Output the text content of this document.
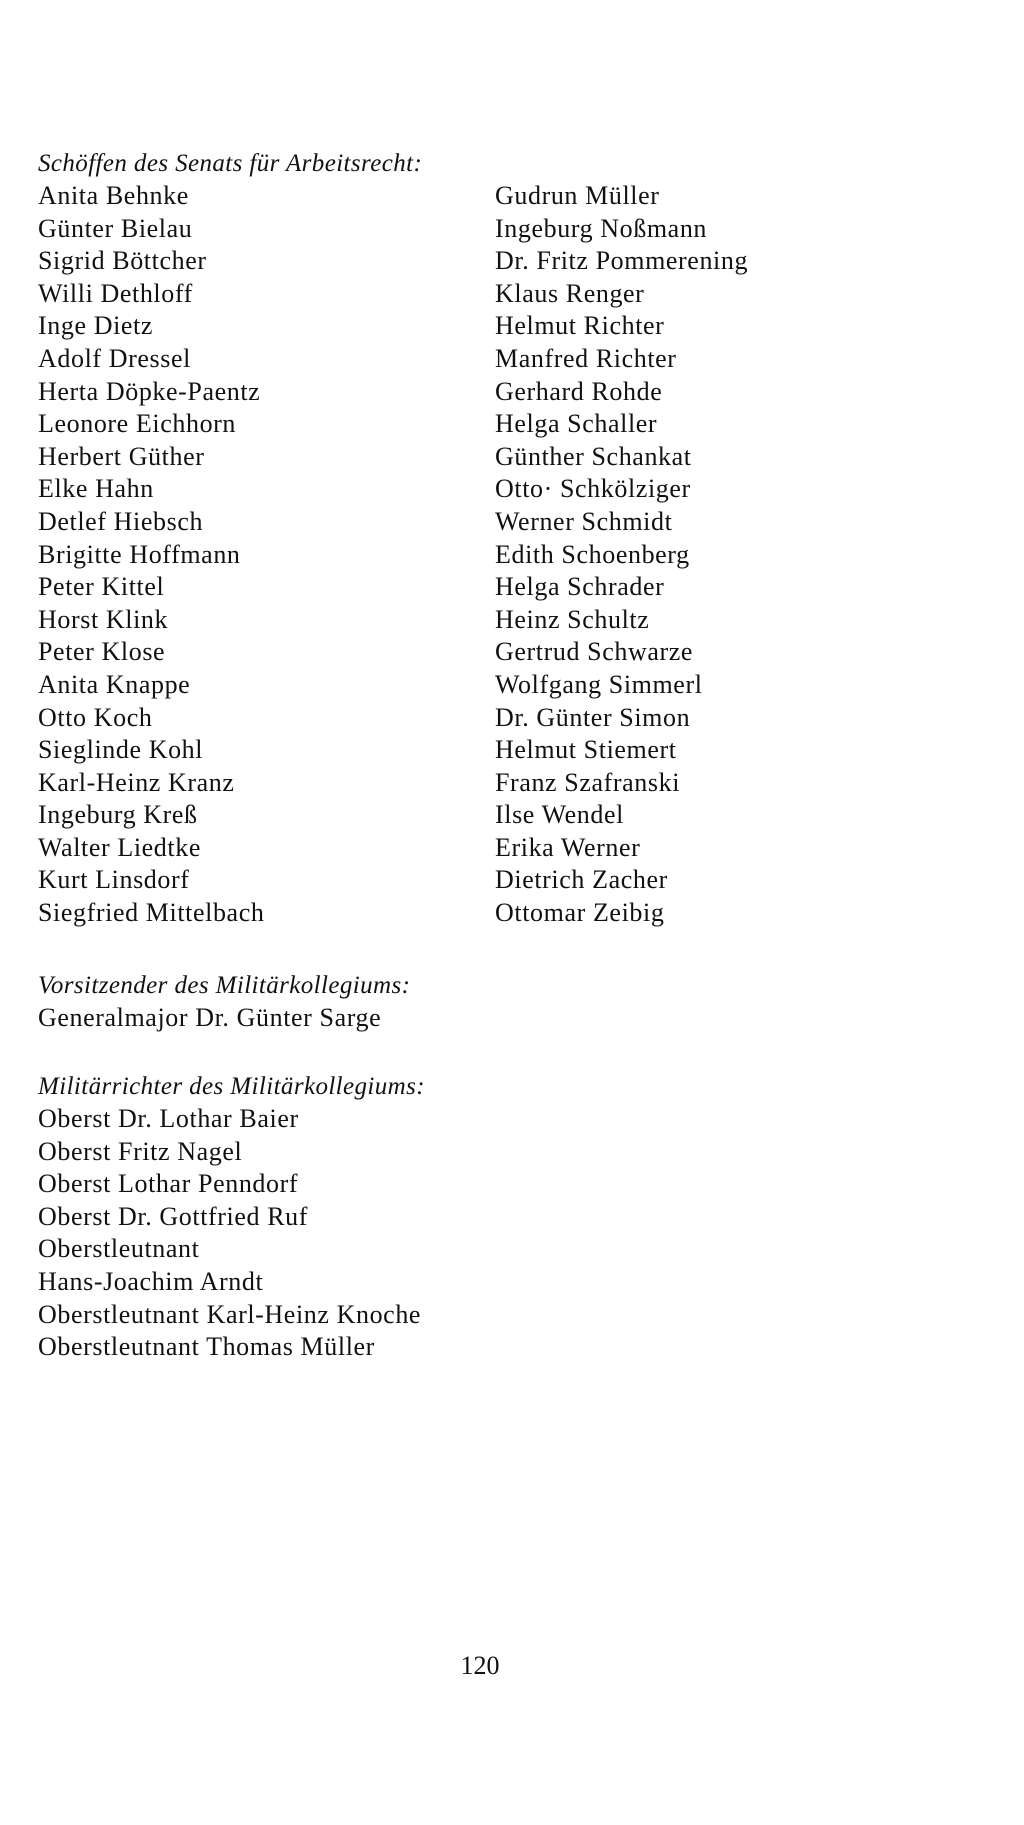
Schöffen des Senats für Arbeitsrecht:
Anita Behnke
Günter Bielau
Sigrid Böttcher
Willi Dethloff
Inge Dietz
Adolf Dressel
Herta Döpke-Paentz
Leonore Eichhorn
Herbert Güther
Elke Hahn
Detlef Hiebsch
Brigitte Hoffmann
Peter Kittel
Horst Klink
Peter Klose
Anita Knappe
Otto Koch
Sieglinde Kohl
Karl-Heinz Kranz
Ingeburg Kreß
Walter Liedtke
Kurt Linsdorf
Siegfried Mittelbach
Gudrun Müller
Ingeburg Noßmann
Dr. Fritz Pommerening
Klaus Renger
Helmut Richter
Manfred Richter
Gerhard Rohde
Helga Schaller
Günther Schankat
Otto· Schkölziger
Werner Schmidt
Edith Schoenberg
Helga Schrader
Heinz Schultz
Gertrud Schwarze
Wolfgang Simmerl
Dr. Günter Simon
Helmut Stiemert
Franz Szafranski
Ilse Wendel
Erika Werner
Dietrich Zacher
Ottomar Zeibig
Vorsitzender des Militärkollegiums:
Generalmajor Dr. Günter Sarge
Militärrichter des Militärkollegiums:
Oberst Dr. Lothar Baier
Oberst Fritz Nagel
Oberst Lothar Penndorf
Oberst Dr. Gottfried Ruf
Oberstleutnant
Hans-Joachim Arndt
Oberstleutnant Karl-Heinz Knoche
Oberstleutnant Thomas Müller
120
